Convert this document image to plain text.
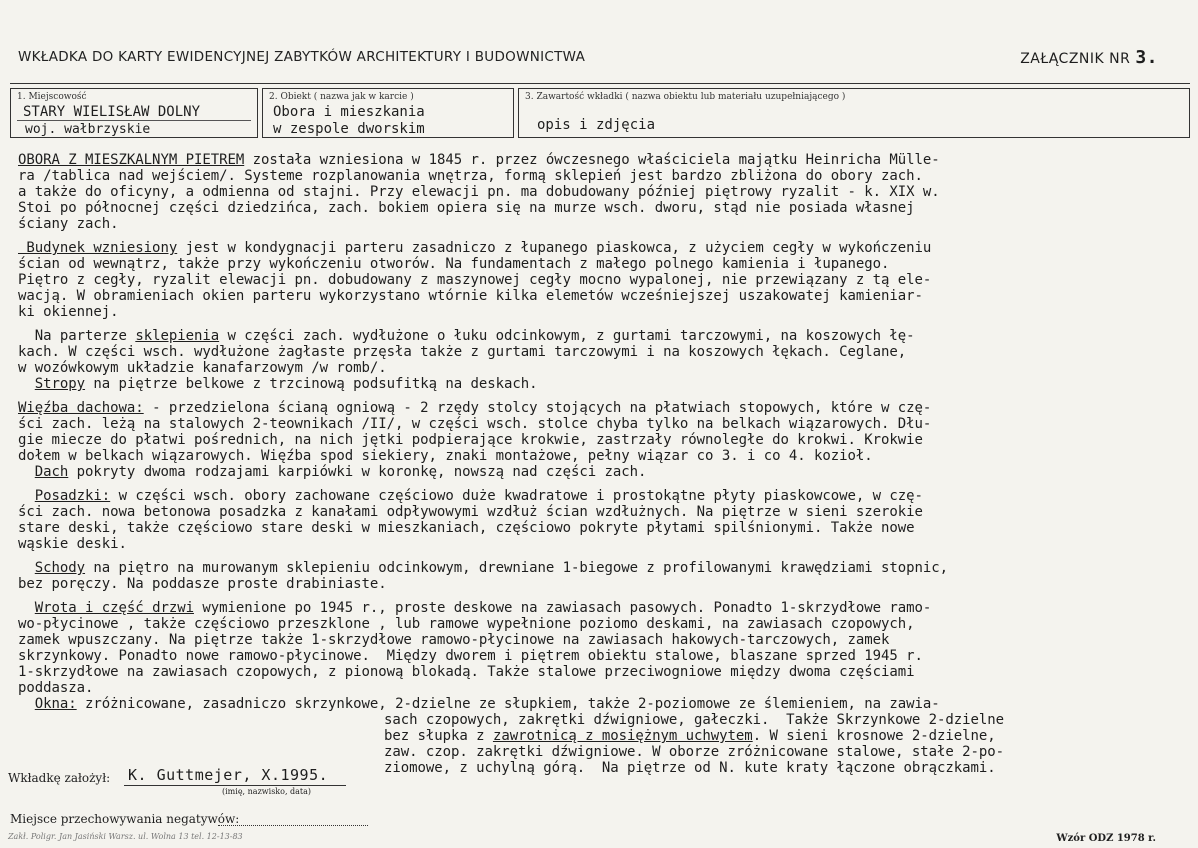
WKŁADKA DO KARTY EWIDENCYJNEJ ZABYTKÓW ARCHITEKTURY I BUDOWNICTWA	ZAŁĄCZNIK NR 3.
1. Miejscowość
STARY WIELISŁAW DOLNY
woj. wałbrzyskie
2. Obiekt ( nazwa jak w karcie )
Obora i mieszkania
w zespole dworskim
3. Zawartość wkładki ( nazwa obiektu lub materiału uzupełniającego )
opis i zdjęcia
OBORA Z MIESZKALNYM PIETREM została wzniesiona w 1845 r. przez ówczesnego właściciela majątku Heinricha Mülle-
ra /tablica nad wejściem/. Systeme rozplanowania wnętrza, formą sklepień jest bardzo zbliżona do obory zach.
a także do oficyny, a odmienna od stajni. Przy elewacji pn. ma dobudowany później piętrowy ryzalit - k. XIX w.
Stoi po północnej części dziedzińca, zach. bokiem opiera się na murze wsch. dworu, stąd nie posiada własnej
ściany zach.
Budynek wzniesiony jest w kondygnacji parteru zasadniczo z łupanego piaskowca, z użyciem cegły w wykończeniu
ścian od wewnątrz, także przy wykończeniu otworów. Na fundamentach z małego polnego kamienia i łupanego.
Piętro z cegły, ryzalit elewacji pn. dobudowany z maszynowej cegły mocno wypalonej, nie przewiązany z tą ele-
wacją. W obramieniach okien parteru wykorzystano wtórnie kilka elemetów wcześniejszej uszakowatej kamieniar-
ki okiennej.
Na parterze sklepienia w części zach. wydłużone o łuku odcinkowym, z gurtami tarczowymi, na koszowych łę-
kach. W części wsch. wydłużone żagłaste przęsła także z gurtami tarczowymi i na koszowych łękach. Ceglane,
w wozówkowym układzie kanafarzowym /w romb/.
Stropy na piętrze belkowe z trzcinową podsufitką na deskach.
Więźba dachowa: - przedzielona ścianą ogniową - 2 rzędy stolcy stojących na płatwiach stopowych, które w czę-
ści zach. leżą na stalowych 2-teownikach /II/, w części wsch. stolce chyba tylko na belkach wiązarowych. Dłu-
gie miecze do płatwi pośrednich, na nich jętki podpierające krokwie, zastrzały równoległe do krokwi. Krokwie
dołem w belkach wiązarowych. Więźba spod siekiery, znaki montażowe, pełny wiązar co 3. i co 4. kozioł.
Dach pokryty dwoma rodzajami karpiówki w koronkę, nowszą nad części zach.
Posadzki: w części wsch. obory zachowane częściowo duże kwadratowe i prostokątne płyty piaskowcowe, w czę-
ści zach. nowa betonowa posadzka z kanałami odpływowymi wzdłuż ścian wzdłużnych. Na piętrze w sieni szerokie
stare deski, także częściowo stare deski w mieszkaniach, częściowo pokryte płytami spilśnionymi. Także nowe
wąskie deski.
Schody na piętro na murowanym sklepieniu odcinkowym, drewniane 1-biegowe z profilowanymi krawędziami stopnic,
bez poręczy. Na poddasze proste drabiniaste.
Wrota i część drzwi wymienione po 1945 r., proste deskowe na zawiasach pasowych. Ponadto 1-skrzydłowe ramo-
wo-płycinowe , także częściowo przeszklone , lub ramowe wypełnione poziomo deskami, na zawiasach czopowych,
zamek wpuszczany. Na piętrze także 1-skrzydłowe ramowo-płycinowe na zawiasach hakowych-tarczowych, zamek
skrzynkowy. Ponadto nowe ramowo-płycinowe.  Między dworem i piętrem obiektu stalowe, blaszane sprzed 1945 r.
1-skrzydłowe na zawiasach czopowych, z pionową blokadą. Także stalowe przeciwogniowe między dwoma częściami
poddasza.
Okna: zróżnicowane, zasadniczo skrzynkowe, 2-dzielne ze słupkiem, także 2-poziomowe ze ślemieniem, na zawia-
sach czopowych, zakrętki dźwigniowe, gałeczki.  Także Skrzynkowe 2-dzielne
bez słupka z zawrotnicą z mosiężnym uchwytem. W sieni krosnowe 2-dzielne,
zaw. czop. zakrętki dźwigniowe. W oborze zróżnicowane stalowe, stałe 2-po-
ziomowe, z uchylną górą.  Na piętrze od N. kute kraty łączone obrączkami.
Wkładkę założył: K. Guttmejer, X.1995.
(imię, nazwisko, data)
Miejsce przechowywania negatywów:
Zakł. Poligr. Jan Jasiński Warsz. ul. Wolna 13 tel. 12-13-83	Wzór ODZ 1978 r.
